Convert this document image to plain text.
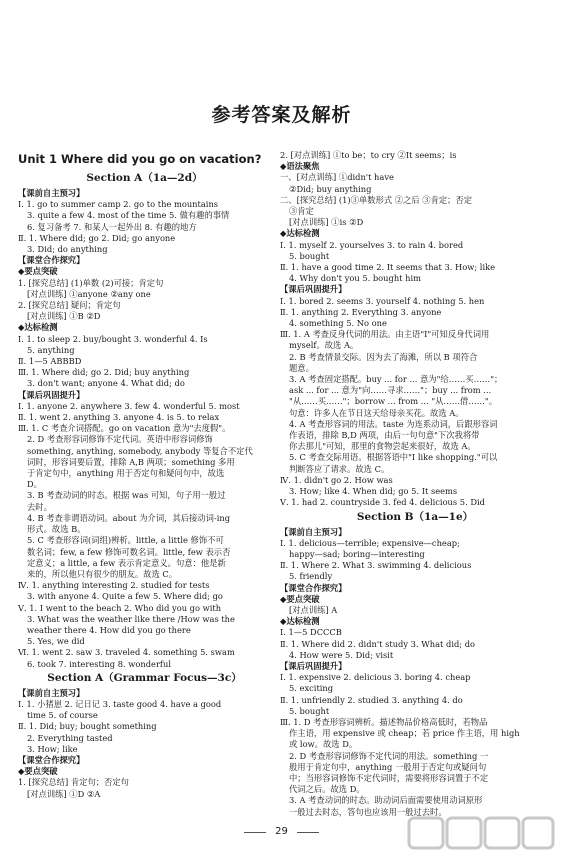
参考答案及解析
Unit 1 Where did you go on vacation?
Section A（1a—2d）
【课前自主预习】
Ⅰ. 1. go to summer camp 2. go to the mountains
3. quite a few 4. most of the time 5. 做有趣的事情
6. 复习备考 7. 和某人一起外出 8. 有趣的地方
Ⅱ. 1. Where did; go 2. Did; go anyone
3. Did; do anything
【课堂合作探究】
◆要点突破
1. [探究总结] (1)单数 (2)可接；肯定句
[对点训练] ①anyone ②any one
2. [探究总结] 疑问；肯定句
[对点训练] ①B ②D
◆达标检测
Ⅰ. 1. to sleep 2. buy/bought 3. wonderful 4. Is
5. anything
Ⅱ. 1—5 ABBBD
Ⅲ. 1. Where did; go 2. Did; buy anything
3. don't want; anyone 4. What did; do
【课后巩固提升】
Ⅰ. 1. anyone 2. anywhere 3. few 4. wonderful 5. most
Ⅱ. 1. went 2. anything 3. anyone 4. is 5. to relax
Ⅲ. 1. C 考查介词搭配。go on vacation 意为"去度假"。
2. D 考查形容词修饰不定代词。英语中形容词修饰
something, anything, somebody, anybody 等复合不定代
词时，形容词要后置，排除 A,B 两项；something 多用
于肯定句中，anything 用于否定句和疑问句中，故选
D。
3. B 考查动词的时态。根据 was 可知，句子用一般过
去时。
4. B 考查非谓语动词。about 为介词，其后接动词-ing
形式。故选 B。
5. C 考查形容词(词组)辨析。little, a little 修饰不可
数名词；few, a few 修饰可数名词。little, few 表示否
定意义；a little, a few 表示肯定意义。句意：他是新
来的，所以他只有很少的朋友。故选 C。
Ⅳ. 1. anything interesting 2. studied for tests
3. with anyone 4. Quite a few 5. Where did; go
Ⅴ. 1. I went to the beach 2. Who did you go with
3. What was the weather like there /How was the
weather there 4. How did you go there
5. Yes, we did
Ⅵ. 1. went 2. saw 3. traveled 4. something 5. swam
6. took 7. interesting 8. wonderful
Section A（Grammar Focus—3c）
【课前自主预习】
Ⅰ. 1. 小猪崽 2. 记日记 3. taste good 4. have a good
time 5. of course
Ⅱ. 1. Did; buy; bought something
2. Everything tasted
3. How; like
【课堂合作探究】
◆要点突破
1. [探究总结] 肯定句；否定句
[对点训练] ①D ②A
2. [对点训练] ①to be；to cry ②It seems；is
◆语法聚焦
一、[对点训练] ①didn't have
②Did; buy anything
二、[探究总结] (1)③单数形式 ②之后 ③肯定；否定
③肯定
[对点训练] ①is ②D
◆达标检测
Ⅰ. 1. myself 2. yourselves 3. to rain 4. bored
5. bought
Ⅱ. 1. have a good time 2. It seems that 3. How; like
4. Why don't you 5. bought him
【课后巩固提升】
Ⅰ. 1. bored 2. seems 3. yourself 4. nothing 5. hen
Ⅱ. 1. anything 2. Everything 3. anyone
4. something 5. No one
Ⅲ. 1. A 考查反身代词的用法。由主语"I"可知反身代词用
myself。故选 A。
2. B 考查情景交际。因为去了海滩，所以 B 项符合
题意。
3. A 考查固定搭配。buy ... for ... 意为"给……买……"；
ask ... for ... 意为"向……寻求……"；buy ... from ...
"从……买……"；borrow ... from ... "从……借……"。
句意：许多人在节日这天给母亲买花。故选 A。
4. A 考查形容词的用法。taste 为连系动词，后跟形容词
作表语，排除 B,D 两项，由后一句句意"下次我将带
你去那儿"可知，那里的食物尝起来很好，故选 A。
5. C 考查交际用语。根据答语中"I like shopping."可以
判断答应了请求。故选 C。
Ⅳ. 1. didn't go 2. How was
3. How; like 4. When did; go 5. It seems
Ⅴ. 1. had 2. countryside 3. fed 4. delicious 5. Did
Section B（1a—1e）
【课前自主预习】
Ⅰ. 1. delicious—terrible; expensive—cheap;
happy—sad; boring—interesting
Ⅱ. 1. Where 2. What 3. swimming 4. delicious
5. friendly
【课堂合作探究】
◆要点突破
[对点训练] A
◆达标检测
Ⅰ. 1—5 DCCCB
Ⅱ. 1. Where did 2. didn't study 3. What did; do
4. How were 5. Did; visit
【课后巩固提升】
Ⅰ. 1. expensive 2. delicious 3. boring 4. cheap
5. exciting
Ⅱ. 1. unfriendly 2. studied 3. anything 4. do
5. bought
Ⅲ. 1. D 考查形容词辨析。描述物品价格高低时，若物品
作主语，用 expensive 或 cheap；若 price 作主语，用 high
或 low。故选 D。
2. D 考查形容词修饰不定代词的用法。something 一
般用于肯定句中，anything 一般用于否定句或疑问句
中；当形容词修饰不定代词时，需要将形容词置于不定
代词之后。故选 D。
3. A 考查动词的时态。助动词后面需要使用动词原形
一般过去时态，答句也应该用一般过去时。
29
